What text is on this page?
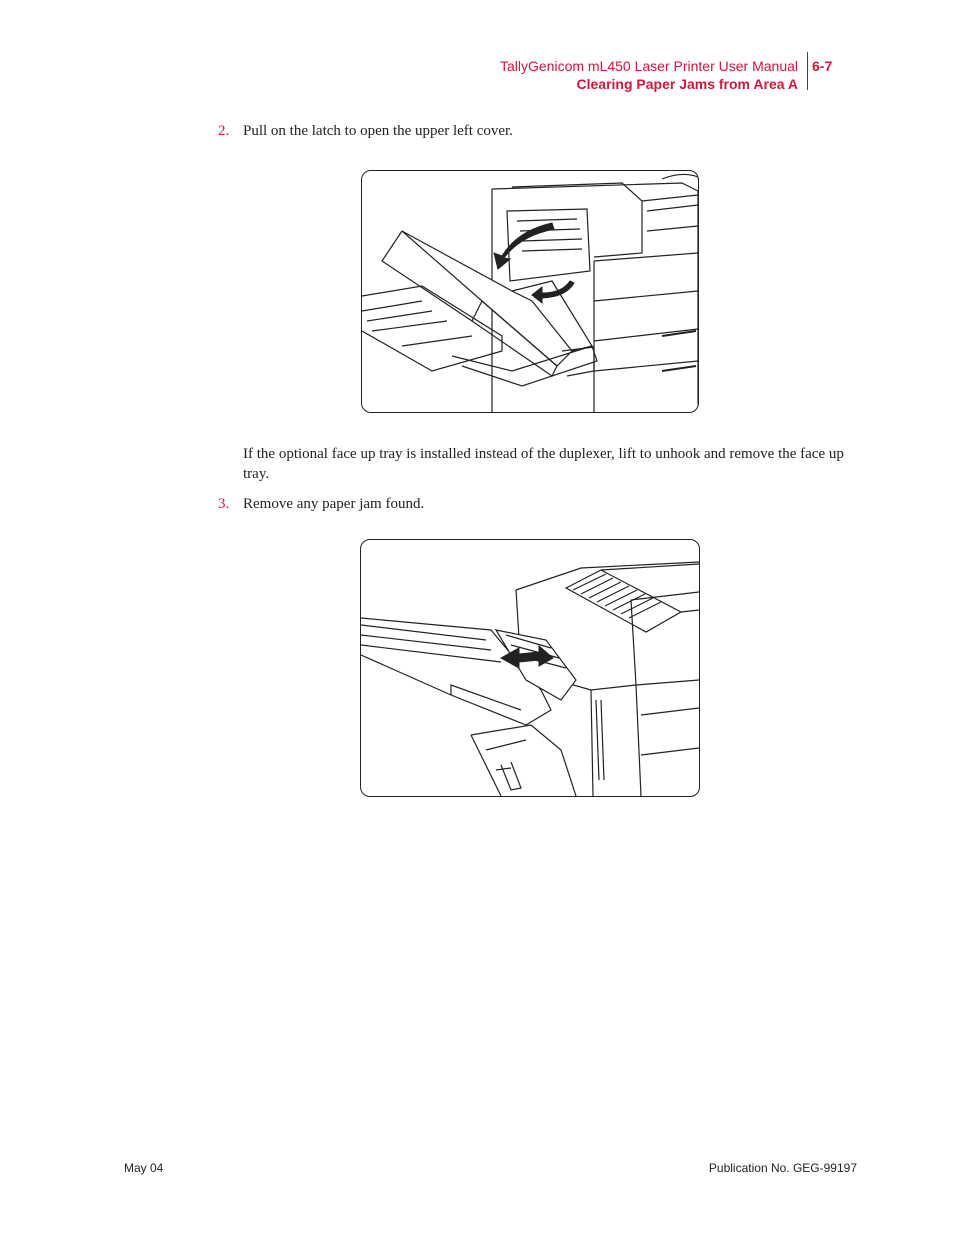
TallyGenicom mL450 Laser Printer User Manual
Clearing Paper Jams from Area A
6-7
2. Pull on the latch to open the upper left cover.
If the optional face up tray is installed instead of the duplexer, lift to unhook and remove the face up tray.
3. Remove any paper jam found.
May 04	Publication No. GEG-99197
